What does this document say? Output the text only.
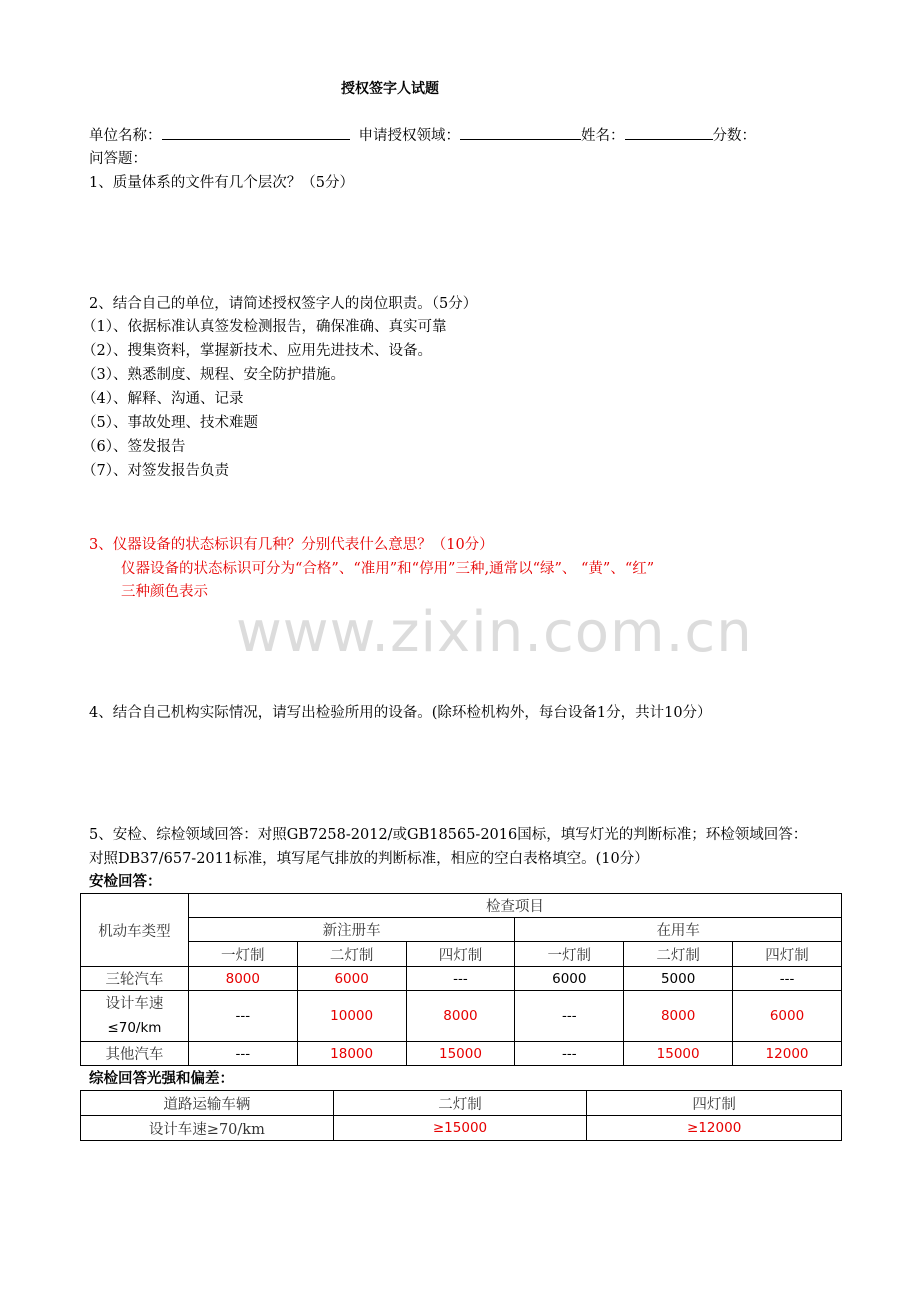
www.zixin.com.cn
授权签字人试题
单位名称：	申请授权领域：	姓名：	分数：
问答题：
1、质量体系的文件有几个层次？（5分）
2、结合自己的单位，请简述授权签字人的岗位职责。（5分）
（1）、依据标准认真签发检测报告，确保准确、真实可靠
（2）、搜集资料，掌握新技术、应用先进技术、设备。
（3）、熟悉制度、规程、安全防护措施。
（4）、解释、沟通、记录
（5）、事故处理、技术难题
（6）、签发报告
（7）、对签发报告负责
3、仪器设备的状态标识有几种？分别代表什么意思？（10分）
仪器设备的状态标识可分为“合格”、“准用”和“停用”三种,通常以“绿”、 “黄”、“红”
三种颜色表示
4、结合自己机构实际情况，请写出检验所用的设备。(除环检机构外，每台设备1分，共计10分）
5、安检、综检领域回答：对照GB7258-2012/或GB18565-2016国标，填写灯光的判断标准；环检领域回答：
对照DB37/657-2011标准，填写尾气排放的判断标准，相应的空白表格填空。(10分）
安检回答：
机动车类型	检查项目					
	新注册车			在用车		
	一灯制	二灯制	四灯制	一灯制	二灯制	四灯制
三轮汽车	8000	6000	---	6000	5000	---

设计车速
≤70/km	---	10000	8000	---	8000	6000
其他汽车	---	18000	15000	---	15000	12000
综检回答光强和偏差：
道路运输车辆	二灯制	四灯制
设计车速≥70/km	≥15000	≥12000
